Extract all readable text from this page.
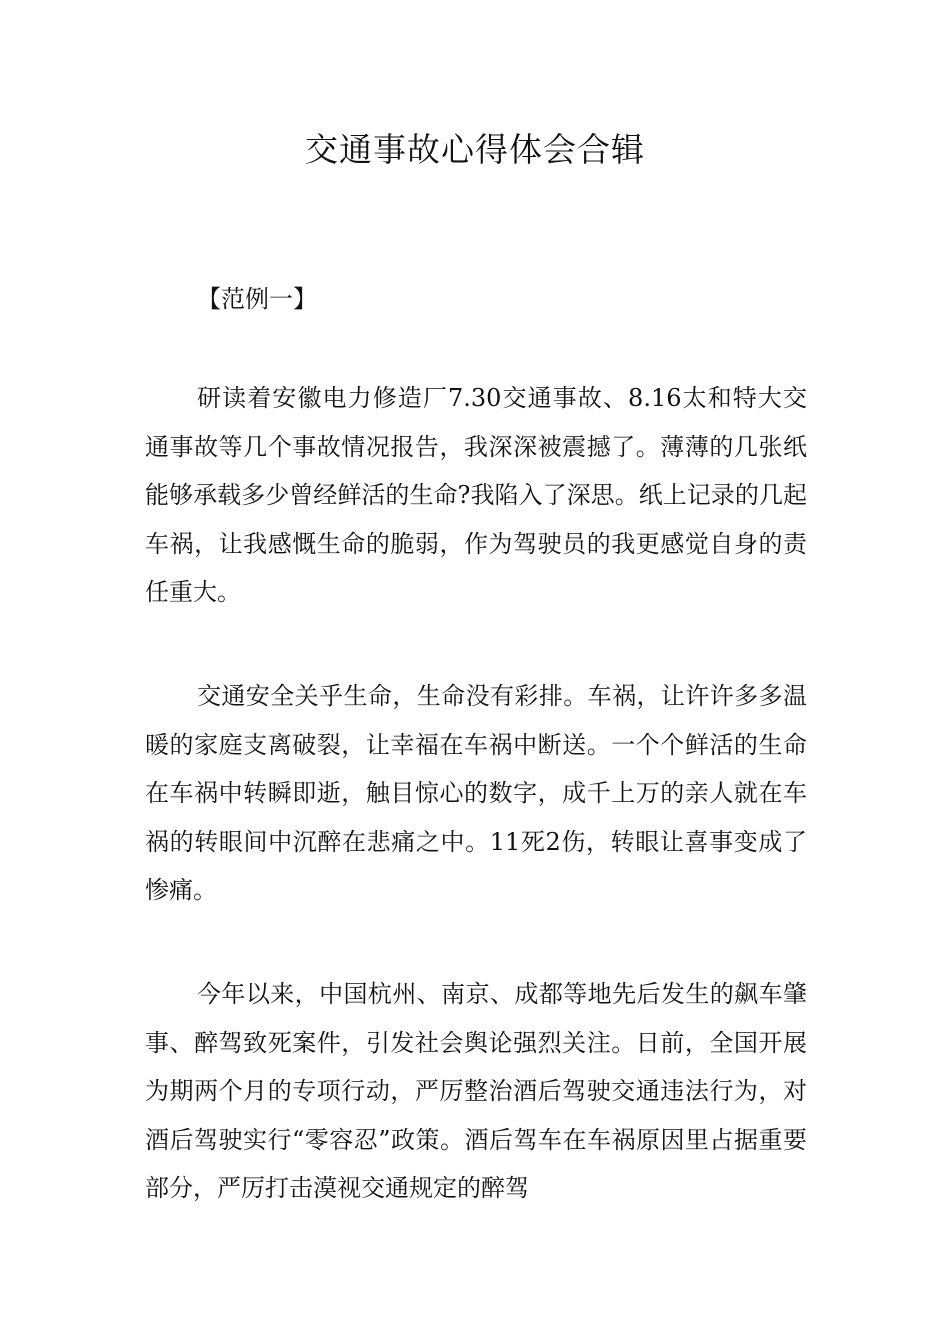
交通事故心得体会合辑
【范例一】

研读着安徽电力修造厂7.30交通事故、8.16太和特大交通事故等几个事故情况报告，我深深被震撼了。薄薄的几张纸能够承载多少曾经鲜活的生命?我陷入了深思。纸上记录的几起车祸，让我感慨生命的脆弱，作为驾驶员的我更感觉自身的责任重大。

交通安全关乎生命，生命没有彩排。车祸，让许许多多温暖的家庭支离破裂，让幸福在车祸中断送。一个个鲜活的生命在车祸中转瞬即逝，触目惊心的数字，成千上万的亲人就在车祸的转眼间中沉醉在悲痛之中。11死2伤，转眼让喜事变成了惨痛。

今年以来，中国杭州、南京、成都等地先后发生的飙车肇事、醉驾致死案件，引发社会舆论强烈关注。日前，全国开展为期两个月的专项行动，严厉整治酒后驾驶交通违法行为，对酒后驾驶实行“零容忍”政策。酒后驾车在车祸原因里占据重要部分，严厉打击漠视交通规定的醉驾
